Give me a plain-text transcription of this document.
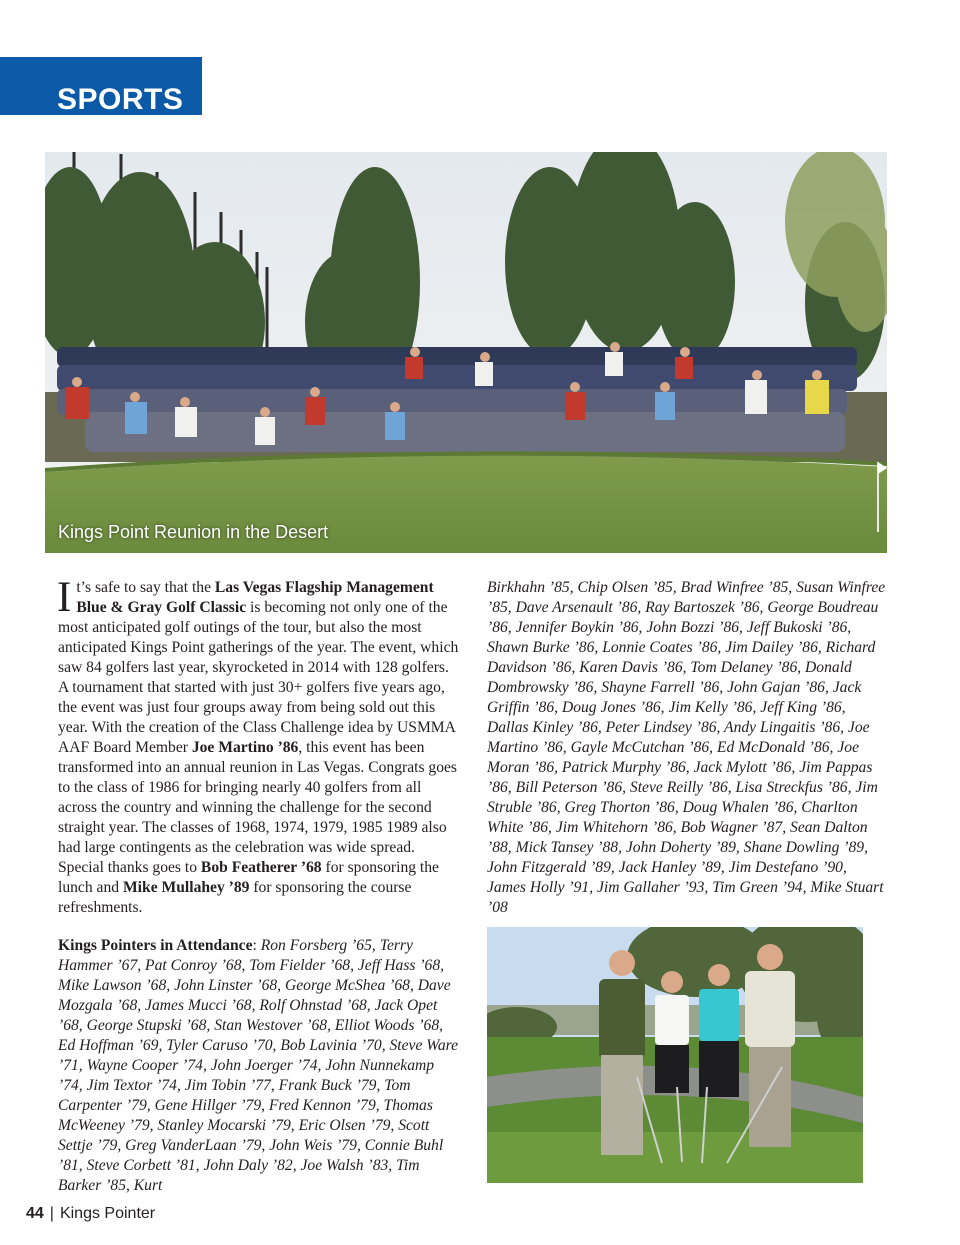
SPORTS
Kings Point Reunion in the Desert

It’s safe to say that the Las Vegas Flagship Management Blue & Gray Golf Classic is becoming not only one of the most anticipated golf outings of the tour, but also the most anticipated Kings Point gatherings of the year. The event, which saw 84 golfers last year, skyrocketed in 2014 with 128 golfers. A tournament that started with just 30+ golfers five years ago, the event was just four groups away from being sold out this year. With the creation of the Class Challenge idea by USMMA AAF Board Member Joe Martino ’86, this event has been transformed into an annual reunion in Las Vegas. Congrats goes to the class of 1986 for bringing nearly 40 golfers from all across the country and winning the challenge for the second straight year. The classes of 1968, 1974, 1979, 1985 1989 also had large contingents as the celebration was wide spread. Special thanks goes to Bob Featherer ’68 for sponsoring the lunch and Mike Mullahey ’89 for sponsoring the course refreshments.

Kings Pointers in Attendance: Ron Forsberg ’65, Terry Hammer ’67, Pat Conroy ’68, Tom Fielder ’68, Jeff Hass ’68, Mike Lawson ’68, John Linster ’68, George McShea ’68, Dave Mozgala ’68, James Mucci ’68, Rolf Ohnstad ’68, Jack Opet ’68, George Stupski ’68, Stan Westover ’68, Elliot Woods ’68, Ed Hoffman ’69, Tyler Caruso ’70, Bob Lavinia ’70, Steve Ware ’71, Wayne Cooper ’74, John Joerger ’74, John Nunnekamp ’74, Jim Textor ’74, Jim Tobin ’77, Frank Buck ’79, Tom Carpenter ’79, Gene Hillger ’79, Fred Kennon ’79, Thomas McWeeney ’79, Stanley Mocarski ’79, Eric Olsen ’79, Scott Settje ’79, Greg VanderLaan ’79, John Weis ’79, Connie Buhl ’81, Steve Corbett ’81, John Daly ’82, Joe Walsh ’83, Tim Barker ’85, Kurt

Birkhahn ’85, Chip Olsen ’85, Brad Winfree ’85, Susan Winfree ’85, Dave Arsenault ’86, Ray Bartoszek ’86, George Boudreau ’86, Jennifer Boykin ’86, John Bozzi ’86, Jeff Bukoski ’86, Shawn Burke ’86, Lonnie Coates ’86, Jim Dailey ’86, Richard Davidson ’86, Karen Davis ’86, Tom Delaney ’86, Donald Dombrowsky ’86, Shayne Farrell ’86, John Gajan ’86, Jack Griffin ’86, Doug Jones ’86, Jim Kelly ’86, Jeff King ’86, Dallas Kinley ’86, Peter Lindsey ’86, Andy Lingaitis ’86, Joe Martino ’86, Gayle McCutchan ’86, Ed McDonald ’86, Joe Moran ’86, Patrick Murphy ’86, Jack Mylott ’86, Jim Pappas ’86, Bill Peterson ’86, Steve Reilly ’86, Lisa Streckfus ’86, Jim Struble ’86, Greg Thorton ’86, Doug Whalen ’86, Charlton White ’86, Jim Whitehorn ’86, Bob Wagner ’87, Sean Dalton ’88, Mick Tansey ’88, John Doherty ’89, Shane Dowling ’89, John Fitzgerald ’89, Jack Hanley ’89, Jim Destefano ’90, James Holly ’91, Jim Gallaher ’93, Tim Green ’94, Mike Stuart ’08

44 | Kings Pointer
